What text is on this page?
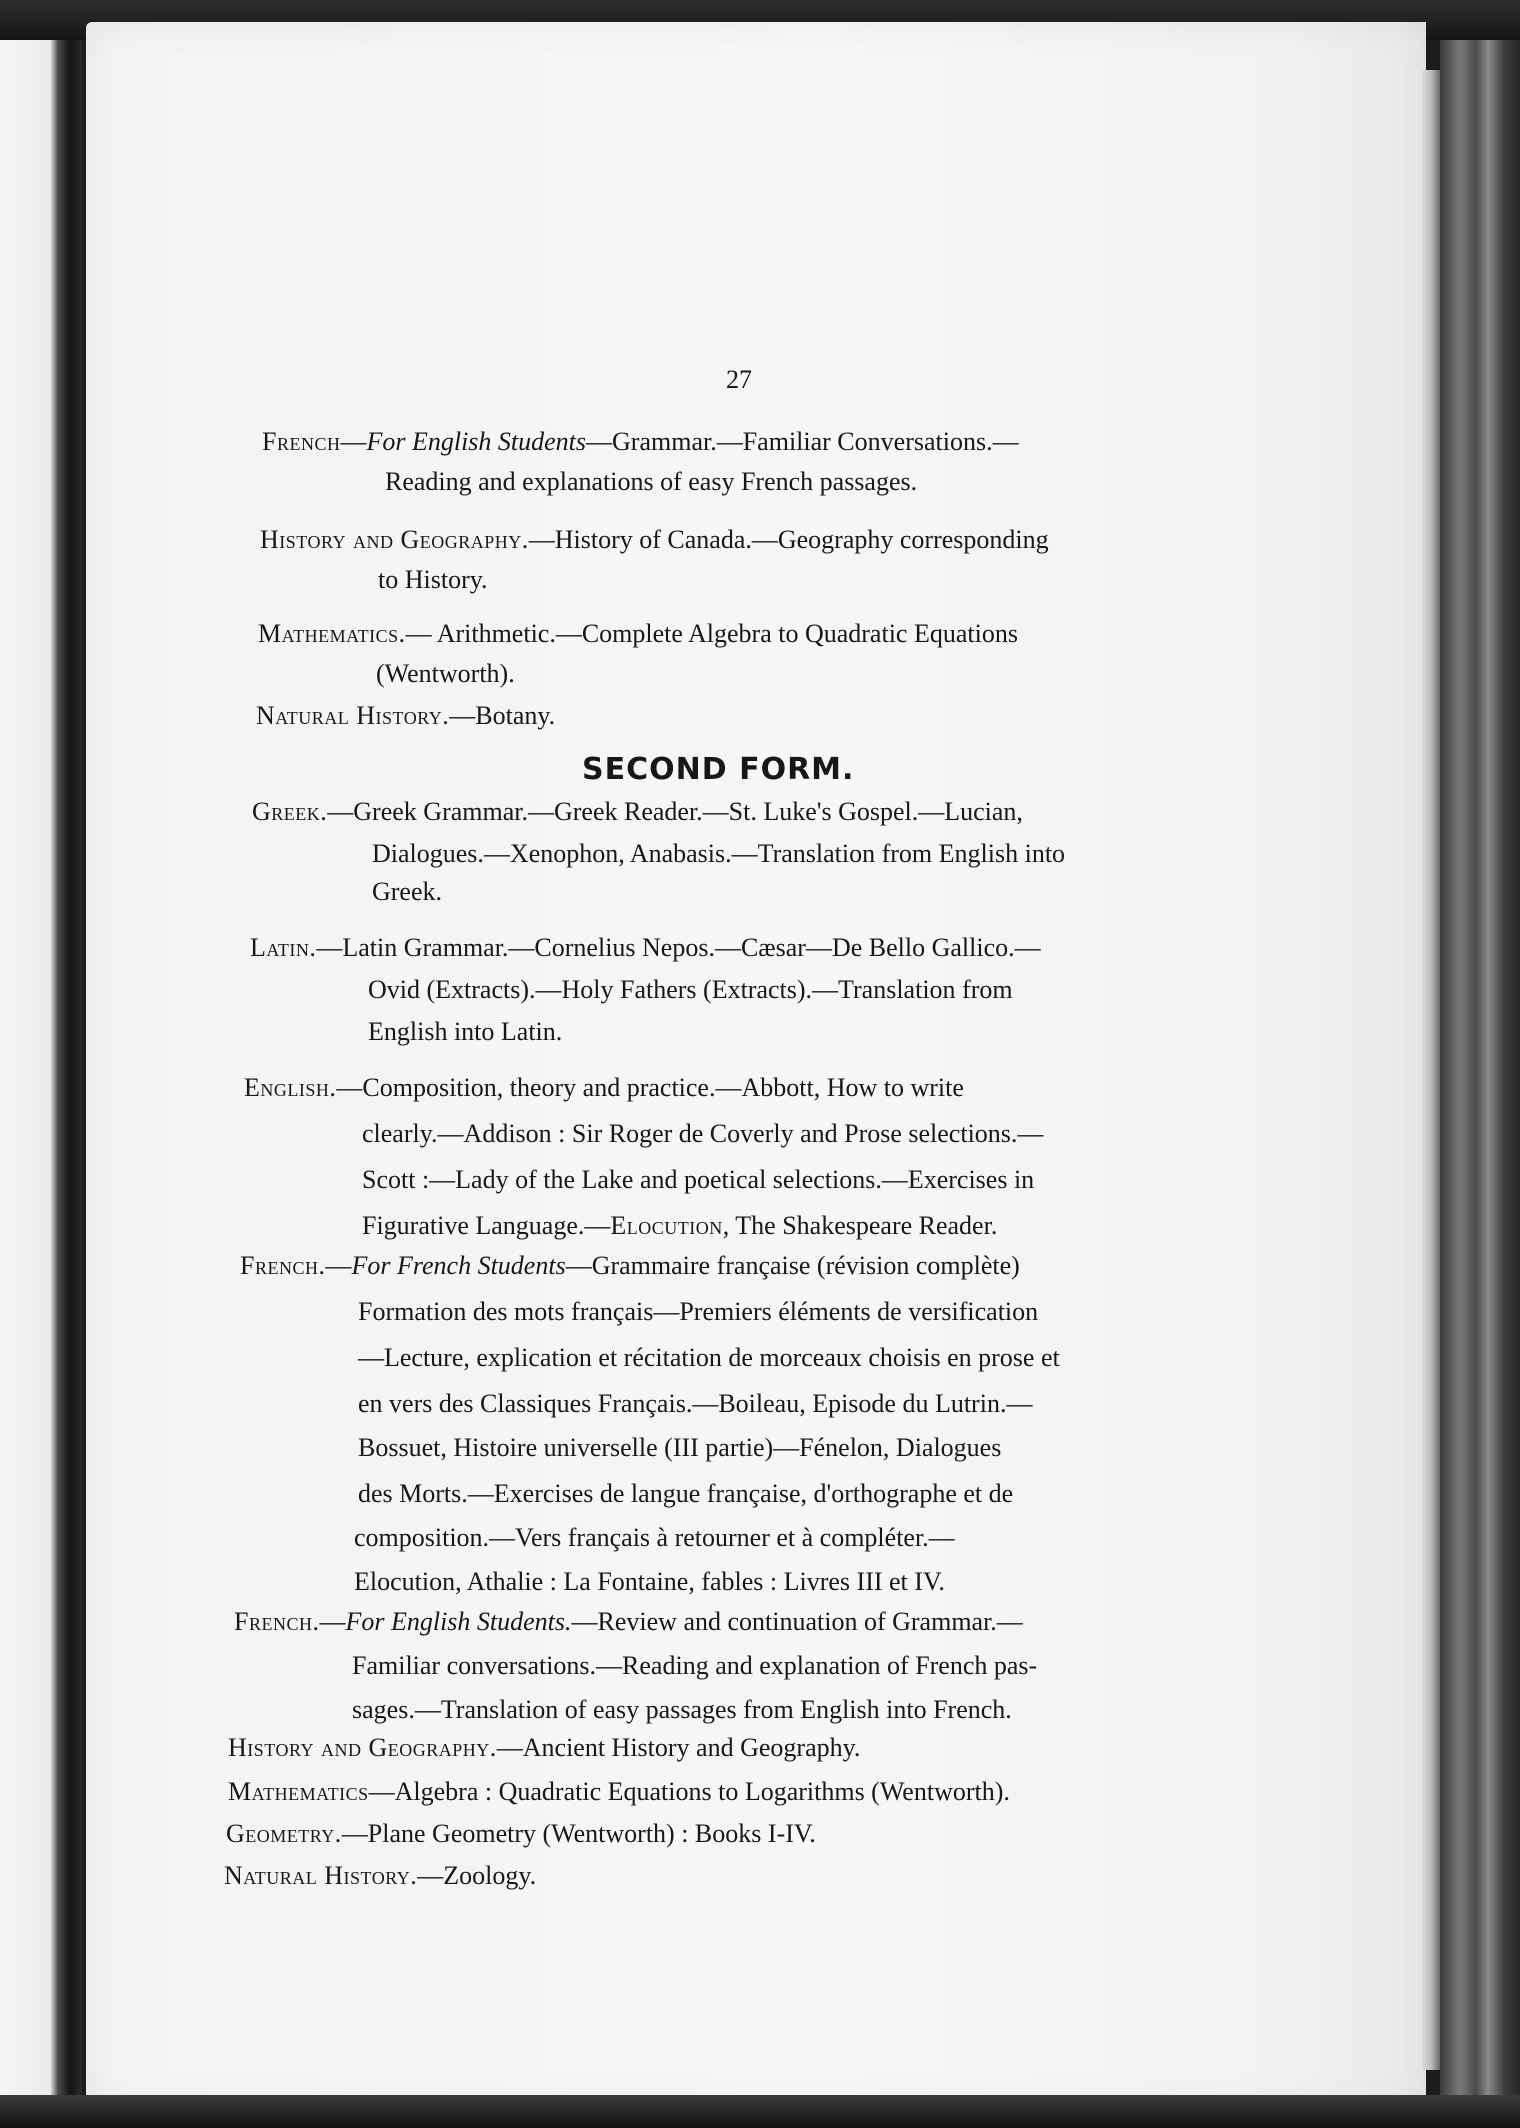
27
French—For English Students—Grammar.—Familiar Conversations.—
Reading and explanations of easy French passages.
History and Geography.—History of Canada.—Geography corresponding
to History.
Mathematics.— Arithmetic.—Complete Algebra to Quadratic Equations
(Wentworth).
Natural History.—Botany.
SECOND FORM.
Greek.—Greek Grammar.—Greek Reader.—St. Luke's Gospel.—Lucian,
Dialogues.—Xenophon, Anabasis.—Translation from English into
Greek.
Latin.—Latin Grammar.—Cornelius Nepos.—Cæsar—De Bello Gallico.—
Ovid (Extracts).—Holy Fathers (Extracts).—Translation from
English into Latin.
English.—Composition, theory and practice.—Abbott, How to write
clearly.—Addison : Sir Roger de Coverly and Prose selections.—
Scott :—Lady of the Lake and poetical selections.—Exercises in
Figurative Language.—Elocution, The Shakespeare Reader.
French.—For French Students—Grammaire française (révision complète)
Formation des mots français—Premiers éléments de versification
—Lecture, explication et récitation de morceaux choisis en prose et
en vers des Classiques Français.—Boileau, Episode du Lutrin.—
Bossuet, Histoire universelle (III partie)—Fénelon, Dialogues
des Morts.—Exercises de langue française, d'orthographe et de
composition.—Vers français à retourner et à compléter.—
Elocution, Athalie : La Fontaine, fables : Livres III et IV.
French.—For English Students.—Review and continuation of Grammar.—
Familiar conversations.—Reading and explanation of French pas-
sages.—Translation of easy passages from English into French.
History and Geography.—Ancient History and Geography.
Mathematics—Algebra : Quadratic Equations to Logarithms (Wentworth).
Geometry.—Plane Geometry (Wentworth) : Books I-IV.
Natural History.—Zoology.
